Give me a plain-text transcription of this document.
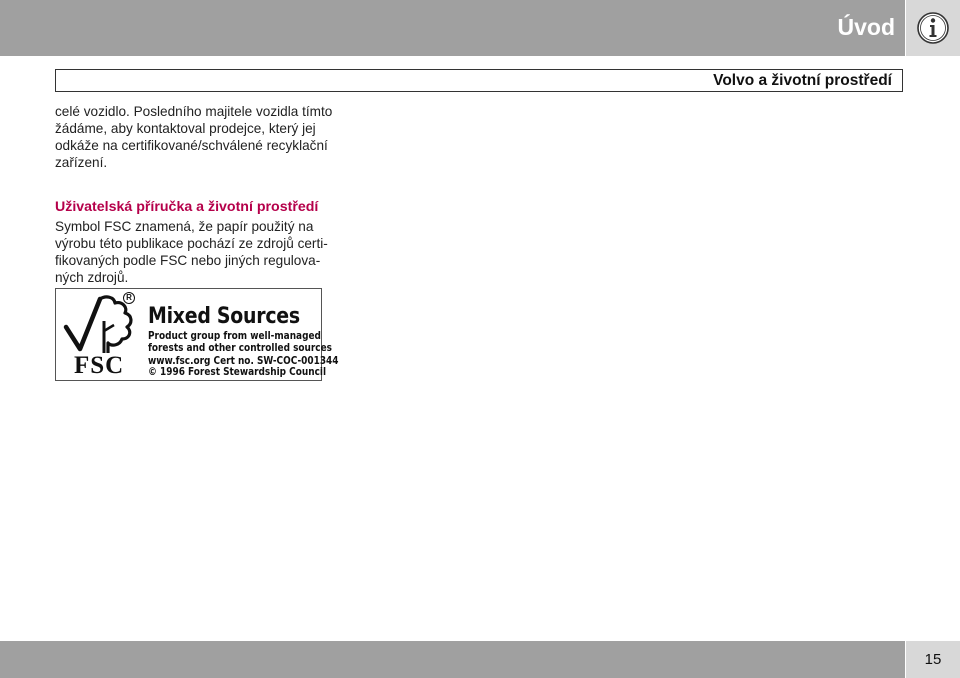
Úvod
Volvo a životní prostředí
celé vozidlo. Posledního majitele vozidla tímto
žádáme, aby kontaktoval prodejce, který jej
odkáže na certifikované/schválené recyklační
zařízení.
Uživatelská příručka a životní prostředí
Symbol FSC znamená, že papír použitý na
výrobu této publikace pochází ze zdrojů certi-
fikovaných podle FSC nebo jiných regulova-
ných zdrojů.
FSC
R
Mixed Sources
Product group from well-managed
forests and other controlled sources
www.fsc.org Cert no. SW-COC-001344
© 1996 Forest Stewardship Council
15
